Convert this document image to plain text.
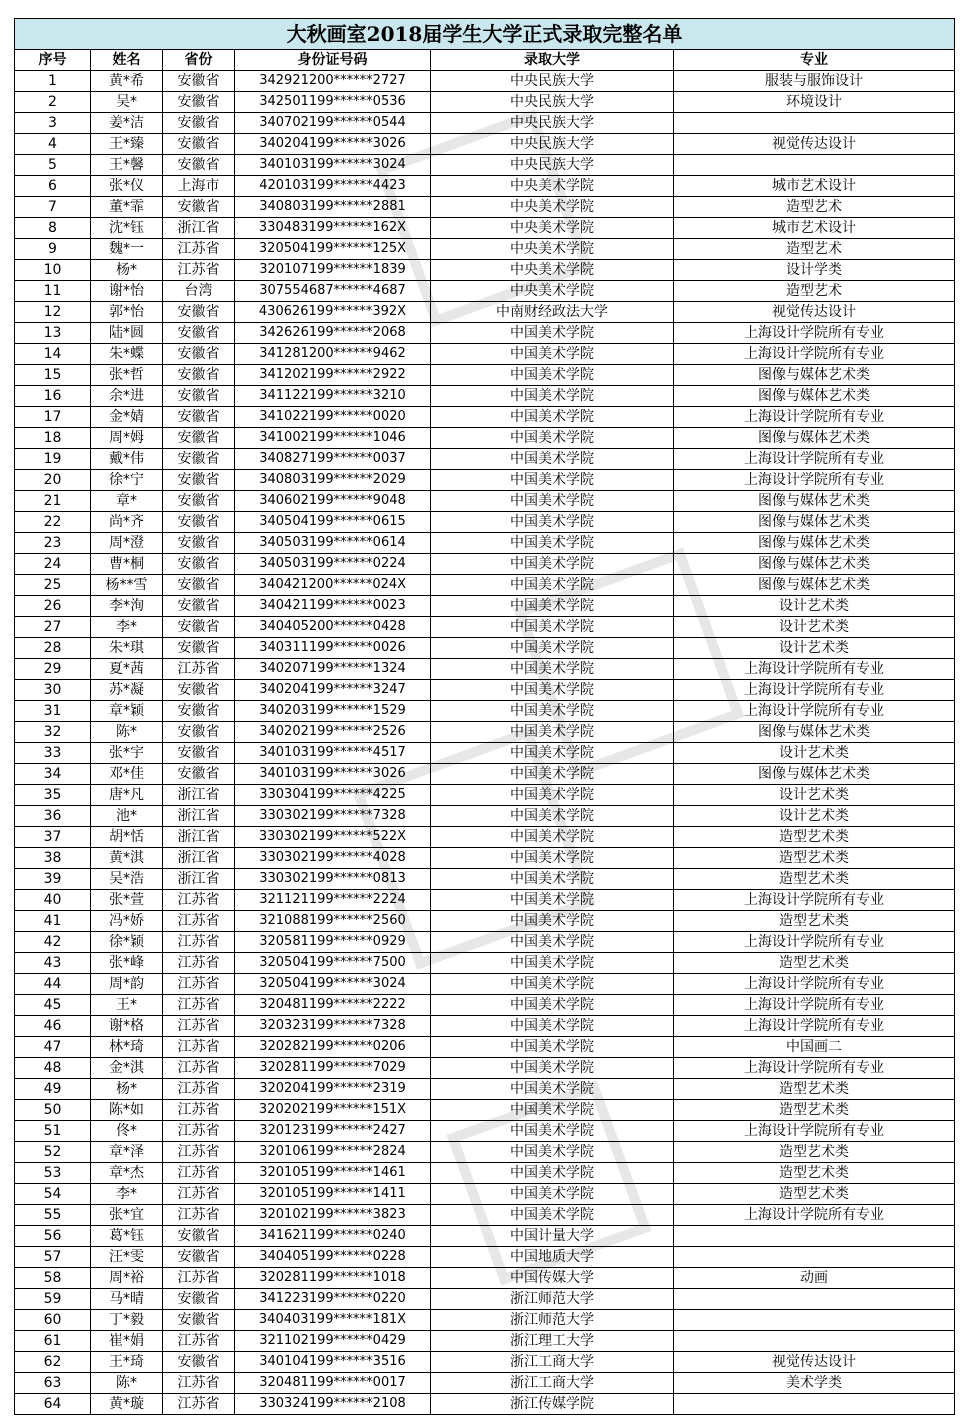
大秋画室2018届学生大学正式录取完整名单					
序号	姓名	省份	身份证号码	录取大学	专业
1	黄*希	安徽省	342921200******2727	中央民族大学	服装与服饰设计
2	吴*	安徽省	342501199******0536	中央民族大学	环境设计
3	姜*洁	安徽省	340702199******0544	中央民族大学	
4	王*臻	安徽省	340204199******3026	中央民族大学	视觉传达设计
5	王*馨	安徽省	340103199******3024	中央民族大学	
6	张*仪	上海市	420103199******4423	中央美术学院	城市艺术设计
7	董*霏	安徽省	340803199******2881	中央美术学院	造型艺术
8	沈*钰	浙江省	330483199******162X	中央美术学院	城市艺术设计
9	魏*一	江苏省	320504199******125X	中央美术学院	造型艺术
10	杨*	江苏省	320107199******1839	中央美术学院	设计学类
11	谢*怡	台湾	307554687******4687	中央美术学院	造型艺术
12	郭*怡	安徽省	430626199******392X	中南财经政法大学	视觉传达设计
13	陆*圆	安徽省	342626199******2068	中国美术学院	上海设计学院所有专业
14	朱*蝶	安徽省	341281200******9462	中国美术学院	上海设计学院所有专业
15	张*哲	安徽省	341202199******2922	中国美术学院	图像与媒体艺术类
16	余*进	安徽省	341122199******3210	中国美术学院	图像与媒体艺术类
17	金*婧	安徽省	341022199******0020	中国美术学院	上海设计学院所有专业
18	周*姆	安徽省	341002199******1046	中国美术学院	图像与媒体艺术类
19	戴*伟	安徽省	340827199******0037	中国美术学院	上海设计学院所有专业
20	徐*宁	安徽省	340803199******2029	中国美术学院	上海设计学院所有专业
21	章*	安徽省	340602199******9048	中国美术学院	图像与媒体艺术类
22	尚*齐	安徽省	340504199******0615	中国美术学院	图像与媒体艺术类
23	周*澄	安徽省	340503199******0614	中国美术学院	图像与媒体艺术类
24	曹*桐	安徽省	340503199******0224	中国美术学院	图像与媒体艺术类
25	杨**雪	安徽省	340421200******024X	中国美术学院	图像与媒体艺术类
26	李*洵	安徽省	340421199******0023	中国美术学院	设计艺术类
27	李*	安徽省	340405200******0428	中国美术学院	设计艺术类
28	朱*琪	安徽省	340311199******0026	中国美术学院	设计艺术类
29	夏*茜	江苏省	340207199******1324	中国美术学院	上海设计学院所有专业
30	苏*凝	安徽省	340204199******3247	中国美术学院	上海设计学院所有专业
31	章*颖	安徽省	340203199******1529	中国美术学院	上海设计学院所有专业
32	陈*	安徽省	340202199******2526	中国美术学院	图像与媒体艺术类
33	张*宇	安徽省	340103199******4517	中国美术学院	设计艺术类
34	邓*佳	安徽省	340103199******3026	中国美术学院	图像与媒体艺术类
35	唐*凡	浙江省	330304199******4225	中国美术学院	设计艺术类
36	池*	浙江省	330302199******7328	中国美术学院	设计艺术类
37	胡*恬	浙江省	330302199******522X	中国美术学院	造型艺术类
38	黄*淇	浙江省	330302199******4028	中国美术学院	造型艺术类
39	吴*浩	浙江省	330302199******0813	中国美术学院	造型艺术类
40	张*萱	江苏省	321121199******2224	中国美术学院	上海设计学院所有专业
41	冯*娇	江苏省	321088199******2560	中国美术学院	造型艺术类
42	徐*颖	江苏省	320581199******0929	中国美术学院	上海设计学院所有专业
43	张*峰	江苏省	320504199******7500	中国美术学院	造型艺术类
44	周*韵	江苏省	320504199******3024	中国美术学院	上海设计学院所有专业
45	王*	江苏省	320481199******2222	中国美术学院	上海设计学院所有专业
46	谢*格	江苏省	320323199******7328	中国美术学院	上海设计学院所有专业
47	林*琦	江苏省	320282199******0206	中国美术学院	中国画二
48	金*淇	江苏省	320281199******7029	中国美术学院	上海设计学院所有专业
49	杨*	江苏省	320204199******2319	中国美术学院	造型艺术类
50	陈*如	江苏省	320202199******151X	中国美术学院	造型艺术类
51	佟*	江苏省	320123199******2427	中国美术学院	上海设计学院所有专业
52	章*泽	江苏省	320106199******2824	中国美术学院	造型艺术类
53	章*杰	江苏省	320105199******1461	中国美术学院	造型艺术类
54	李*	江苏省	320105199******1411	中国美术学院	造型艺术类
55	张*宜	江苏省	320102199******3823	中国美术学院	上海设计学院所有专业
56	葛*钰	安徽省	341621199******0240	中国计量大学	
57	汪*雯	安徽省	340405199******0228	中国地质大学	
58	周*裕	江苏省	320281199******1018	中国传媒大学	动画
59	马*晴	安徽省	341223199******0220	浙江师范大学	
60	丁*毅	安徽省	340403199******181X	浙江师范大学	
61	崔*娟	江苏省	321102199******0429	浙江理工大学	
62	王*琦	安徽省	340104199******3516	浙江工商大学	视觉传达设计
63	陈*	江苏省	320481199******0017	浙江工商大学	美术学类
64	黄*璇	江苏省	330324199******2108	浙江传媒学院	
